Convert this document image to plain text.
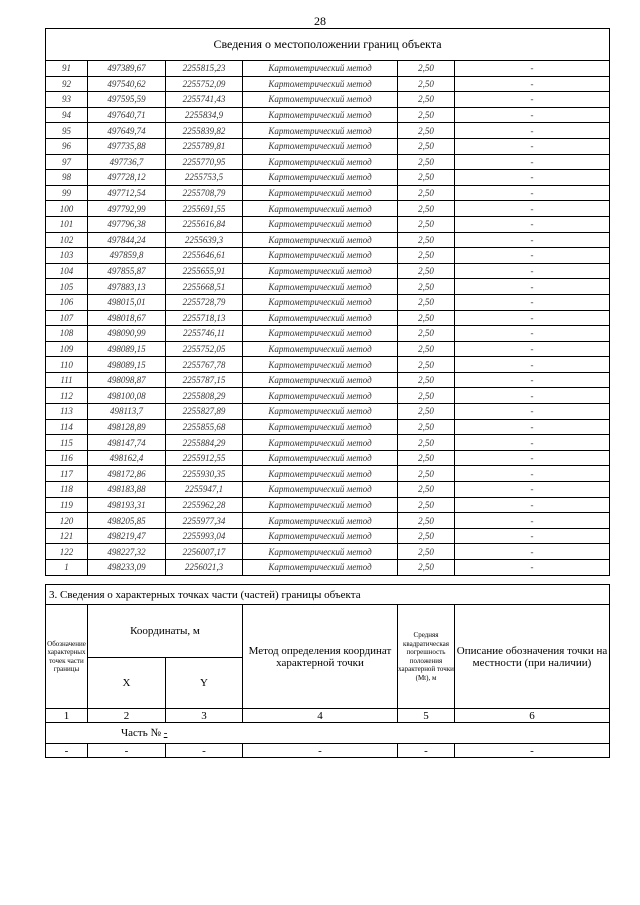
28
Сведения о местоположении границ объекта					
91	497389,67	2255815,23	Картометрический метод	2,50	-
92	497540,62	2255752,09	Картометрический метод	2,50	-
93	497595,59	2255741,43	Картометрический метод	2,50	-
94	497640,71	2255834,9	Картометрический метод	2,50	-
95	497649,74	2255839,82	Картометрический метод	2,50	-
96	497735,88	2255789,81	Картометрический метод	2,50	-
97	497736,7	2255770,95	Картометрический метод	2,50	-
98	497728,12	2255753,5	Картометрический метод	2,50	-
99	497712,54	2255708,79	Картометрический метод	2,50	-
100	497792,99	2255691,55	Картометрический метод	2,50	-
101	497796,38	2255616,84	Картометрический метод	2,50	-
102	497844,24	2255639,3	Картометрический метод	2,50	-
103	497859,8	2255646,61	Картометрический метод	2,50	-
104	497855,87	2255655,91	Картометрический метод	2,50	-
105	497883,13	2255668,51	Картометрический метод	2,50	-
106	498015,01	2255728,79	Картометрический метод	2,50	-
107	498018,67	2255718,13	Картометрический метод	2,50	-
108	498090,99	2255746,11	Картометрический метод	2,50	-
109	498089,15	2255752,05	Картометрический метод	2,50	-
110	498089,15	2255767,78	Картометрический метод	2,50	-
111	498098,87	2255787,15	Картометрический метод	2,50	-
112	498100,08	2255808,29	Картометрический метод	2,50	-
113	498113,7	2255827,89	Картометрический метод	2,50	-
114	498128,89	2255855,68	Картометрический метод	2,50	-
115	498147,74	2255884,29	Картометрический метод	2,50	-
116	498162,4	2255912,55	Картометрический метод	2,50	-
117	498172,86	2255930,35	Картометрический метод	2,50	-
118	498183,88	2255947,1	Картометрический метод	2,50	-
119	498193,31	2255962,28	Картометрический метод	2,50	-
120	498205,85	2255977,34	Картометрический метод	2,50	-
121	498219,47	2255993,04	Картометрический метод	2,50	-
122	498227,32	2256007,17	Картометрический метод	2,50	-
1	498233,09	2256021,3	Картометрический метод	2,50	-
3. Сведения о характерных точках части (частей) границы объекта					
Обозначение характерных точек части границы	Координаты, м		Метод определения координат характерной точки	Средняя квадратическая погрешность положения характерной точки (Mt), м	Описание обозначения точки на местности (при наличии)
	X	Y			
1	2	3	4	5	6
Часть № -					
-	-	-	-	-	-
